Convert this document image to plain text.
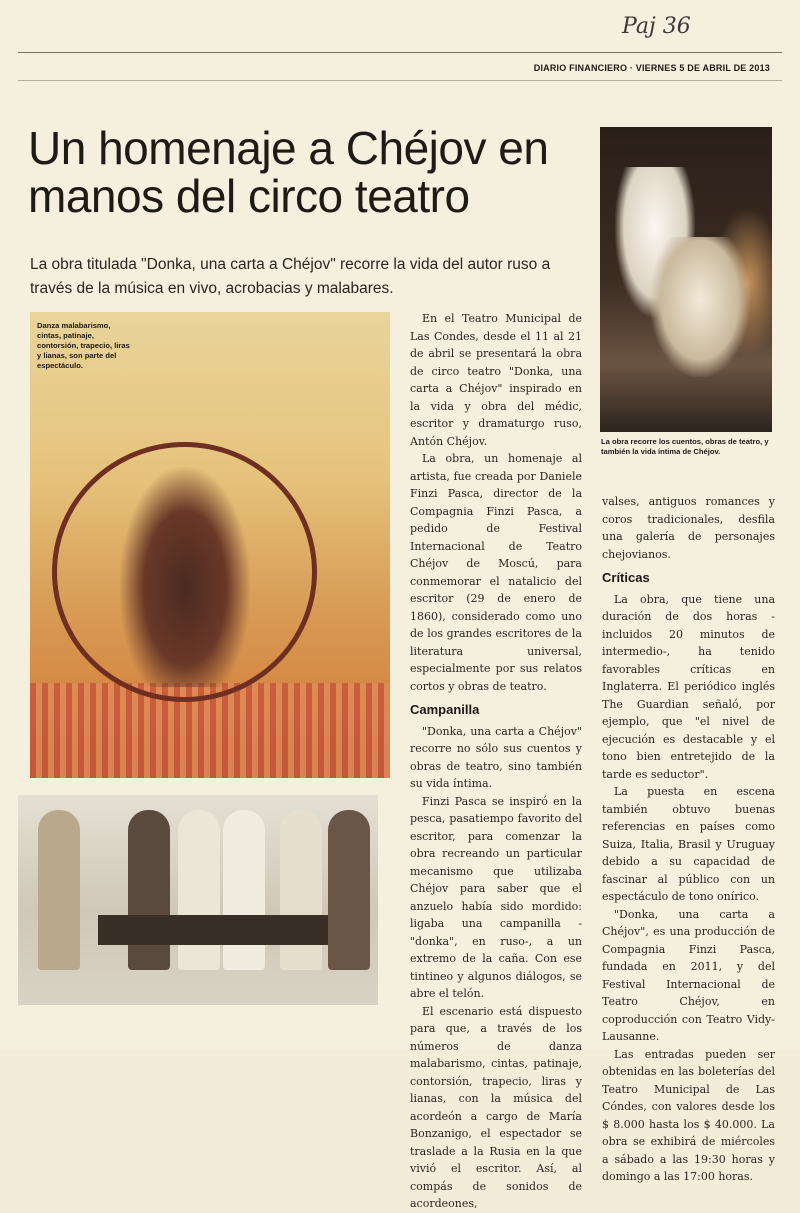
Paj 36
DIARIO FINANCIERO · VIERNES 5 DE ABRIL DE 2013
Un homenaje a Chéjov en manos del circo teatro

La obra titulada "Donka, una carta a Chéjov" recorre la vida del autor ruso a través de la música en vivo, acrobacias y malabares.

La obra recorre los cuentos, obras de teatro, y también la vida íntima de Chéjov.

Danza malabarismo, cintas, patinaje, contorsión, trapecio, liras y lianas, son parte del espectáculo.

En el Teatro Municipal de Las Condes, desde el 11 al 21 de abril se presentará la obra de circo teatro "Donka, una carta a Chéjov" inspirado en la vida y obra del médic, escritor y dramaturgo ruso, Antón Chéjov.

La obra, un homenaje al artista, fue creada por Daniele Finzi Pasca, director de la Compagnia Finzi Pasca, a pedido de Festival Internacional de Teatro Chéjov de Moscú, para conmemorar el natalicio del escritor (29 de enero de 1860), considerado como uno de los grandes escritores de la literatura universal, especialmente por sus relatos cortos y obras de teatro.

Campanilla

"Donka, una carta a Chéjov" recorre no sólo sus cuentos y obras de teatro, sino también su vida íntima.

Finzi Pasca se inspiró en la pesca, pasatiempo favorito del escritor, para comenzar la obra recreando un particular mecanismo que utilizaba Chéjov para saber que el anzuelo había sido mordido: ligaba una campanilla -"donka", en ruso-, a un extremo de la caña. Con ese tintineo y algunos diálogos, se abre el telón.

El escenario está dispuesto para que, a través de los números de danza malabarismo, cintas, patinaje, contorsión, trapecio, liras y lianas, con la música del acordeón a cargo de María Bonzanigo, el espectador se traslade a la Rusia en la que vivió el escritor. Así, al compás de sonidos de acordeones,

valses, antiguos romances y coros tradicionales, desfila una galería de personajes chejovianos.

Críticas

La obra, que tiene una duración de dos horas -incluidos 20 minutos de intermedio-, ha tenido favorables críticas en Inglaterra. El periódico inglés The Guardian señaló, por ejemplo, que "el nivel de ejecución es destacable y el tono bien entretejido de la tarde es seductor".

La puesta en escena también obtuvo buenas referencias en países como Suiza, Italia, Brasil y Uruguay debido a su capacidad de fascinar al público con un espectáculo de tono onírico.

"Donka, una carta a Chéjov", es una producción de Compagnia Finzi Pasca, fundada en 2011, y del Festival Internacional de Teatro Chéjov, en coproducción con Teatro Vidy-Lausanne.

Las entradas pueden ser obtenidas en las boleterías del Teatro Municipal de Las Cóndes, con valores desde los $ 8.000 hasta los $ 40.000. La obra se exhibirá de miércoles a sábado a las 19:30 horas y domingo a las 17:00 horas.
